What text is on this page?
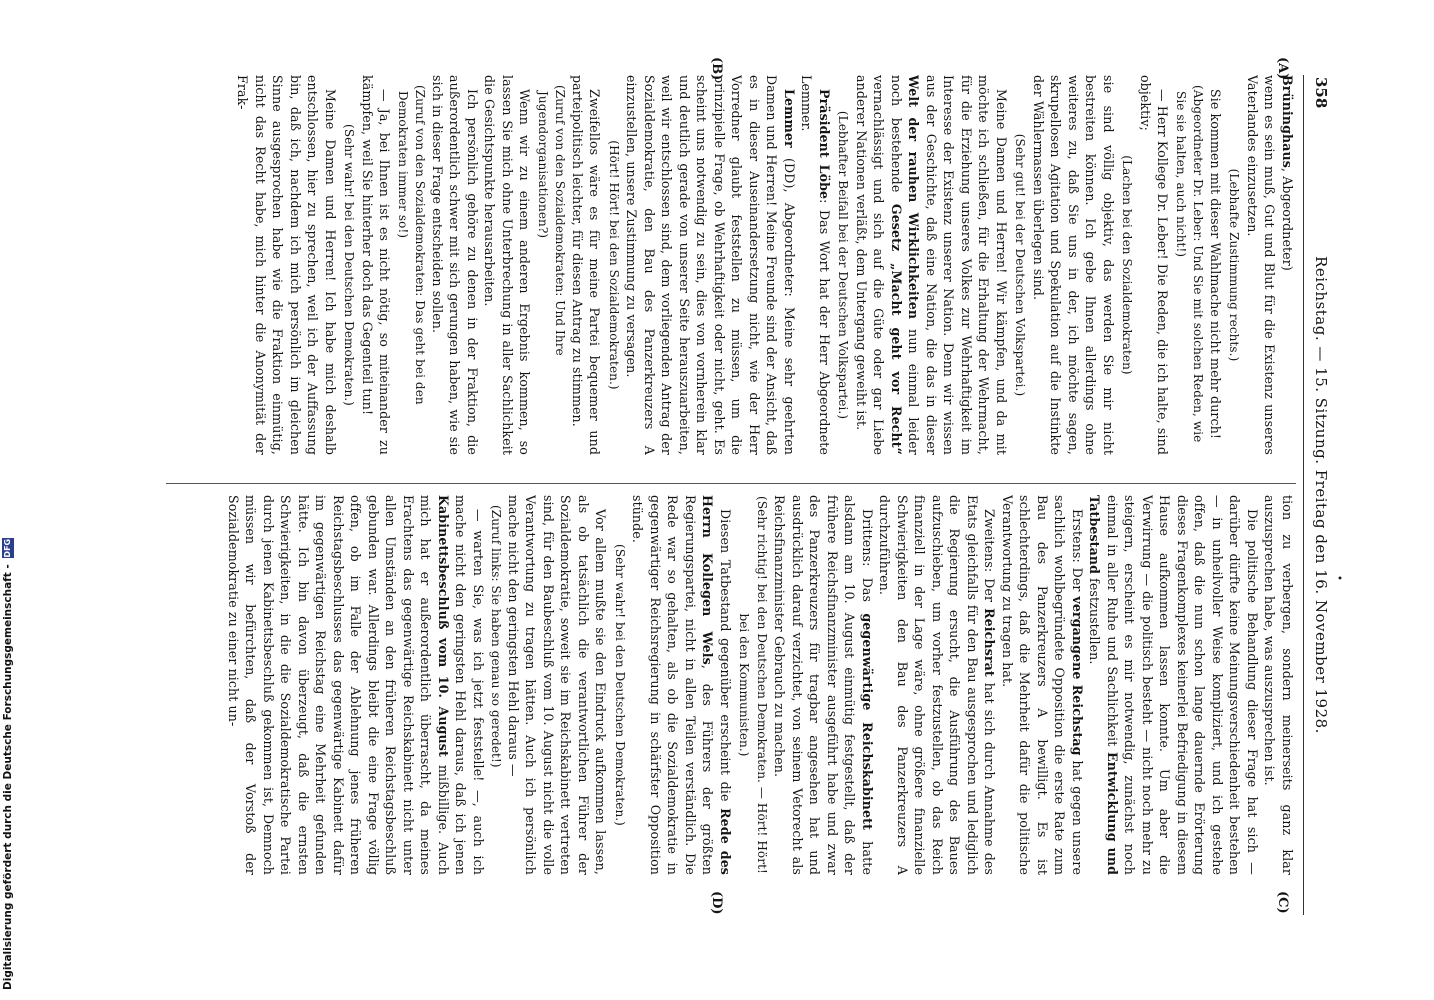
358
Reichstag. — 15. Sitzung. Freitag den 16. November 1928. •
(A)
(B)
(C)
(D)

Brüninghaus, Abgeordneter)

wenn es sein muß, Gut und Blut für die Existenz unseres Vaterlandes einzusetzen.

(Lebhafte Zustimmung rechts.)

Sie kommen mit dieser Wahlmache nicht mehr durch!

(Abgeordneter Dr. Leber: Und Sie mit solchen Reden, wie Sie sie halten, auch nicht!)

— Herr Kollege Dr. Leber! Die Reden, die ich halte, sind objektiv;

(Lachen bei den Sozialdemokraten)

sie sind völlig objektiv, das werden Sie mir nicht bestreiten können. Ich gebe Ihnen allerdings ohne weiteres zu, daß Sie uns in der, ich möchte sagen, skrupellosen Agitation und Spekulation auf die Instinkte der Wählermassen überlegen sind.

(Sehr gut! bei der Deutschen Volkspartei.)

Meine Damen und Herren! Wir kämpfen, und da mit möchte ich schließen, für die Erhaltung der Wehrmacht, für die Erziehung unseres Volkes zur Wehrhaftigkeit im Interesse der Existenz unserer Nation. Denn wir wissen aus der Geschichte, daß eine Nation, die das in dieser Welt der rauhen Wirklichkeiten nun einmal leider noch bestehende Gesetz „Macht geht vor Recht“ vernachlässigt und sich auf die Güte oder gar Liebe anderer Nationen verläßt, dem Untergang geweiht ist.

(Lebhafter Beifall bei der Deutschen Volkspartei.)

Präsident Löbe: Das Wort hat der Herr Abgeordnete Lemmer.

Lemmer (DD), Abgeordneter: Meine sehr geehrten Damen und Herren! Meine Freunde sind der Ansicht, daß es in dieser Auseinandersetzung nicht, wie der Herr Vorredner glaubt feststellen zu müssen, um die prinzipielle Frage, ob Wehrhaftigkeit oder nicht, geht. Es scheint uns notwendig zu sein, dies von vornherein klar und deutlich gerade von unserer Seite herauszuarbeiten, weil wir entschlossen sind, dem vorliegenden Antrag der Sozialdemokratie, den Bau des Panzerkreuzers A einzustellen, unsere Zustimmung zu versagen.

(Hört! Hört! bei den Sozialdemokraten.)

Zweifellos wäre es für meine Partei bequemer und parteipolitisch leichter, für diesen Antrag zu stimmen.

(Zuruf von den Sozialdemokraten: Und Ihre Jugendorganisationen?)

Wenn wir zu einem anderen Ergebnis kommen, so lassen Sie mich ohne Unterbrechung in aller Sachlichkeit die Gesichtspunkte herausarbeiten.

Ich persönlich gehöre zu denen in der Fraktion, die außerordentlich schwer mit sich gerungen haben, wie sie sich in dieser Frage entscheiden sollen.

(Zuruf von den Sozialdemokraten: Das geht bei den Demokraten immer so!)

— Ja, bei Ihnen ist es nicht nötig, so miteinander zu kämpfen, weil Sie hinterher doch das Gegenteil tun!

(Sehr wahr! bei den Deutschen Demokraten.)

Meine Damen und Herren! Ich habe mich deshalb entschlossen, hier zu sprechen, weil ich der Auffassung bin, daß ich, nachdem ich mich persönlich im gleichen Sinne ausgesprochen habe wie die Fraktion einmütig, nicht das Recht habe, mich hinter die Anonymität der Frak-

tion zu verbergen, sondern meinerseits ganz klar auszusprechen habe, was auszusprechen ist.

Die politische Behandlung dieser Frage hat sich — darüber dürfte keine Meinungsverschiedenheit bestehen — in unheilvoller Weise kompliziert, und ich gestehe offen, daß die nun schon lange dauernde Erörterung dieses Fragenkomplexes keinerlei Befriedigung in diesem Hause aufkommen lassen konnte. Um aber die Verwirrung — die politisch besteht — nicht noch mehr zu steigern, erscheint es mir notwendig, zunächst noch einmal in aller Ruhe und Sachlichkeit Entwicklung und Tatbestand festzustellen.

Erstens: Der vergangene Reichstag hat gegen unsere sachlich wohlbegründete Opposition die erste Rate zum Bau des Panzerkreuzers A bewilligt. Es ist schlechterdings, daß die Mehrheit dafür die politische Verantwortung zu tragen hat.

Zweitens: Der Reichsrat hat sich durch Annahme des Etats gleichfalls für den Bau ausgesprochen und lediglich die Regierung ersucht, die Ausführung des Baues aufzuschieben, um vorher festzustellen, ob das Reich finanziell in der Lage wäre, ohne größere finanzielle Schwierigkeiten den Bau des Panzerkreuzers A durchzuführen.

Drittens: Das gegenwärtige Reichskabinett hatte alsdann am 10. August einmütig festgestellt, daß der frühere Reichsfinanzminister ausgeführt habe und zwar des Panzerkreuzers für tragbar angesehen hat und ausdrücklich darauf verzichtet, von seinem Vetorecht als Reichsfinanzminister Gebrauch zu machen.

(Sehr richtig! bei den Deutschen Demokraten. — Hört! Hört! bei den Kommunisten.)

Diesen Tatbestand gegenüber erscheint die Rede des Herrn Kollegen Wels, des Führers der größten Regierungspartei, nicht in allen Teilen verständlich. Die Rede war so gehalten, als ob die Sozialdemokratie in gegenwärtiger Reichsregierung in schärfster Opposition stünde.

(Sehr wahr! bei den Deutschen Demokraten.)

Vor allem mußte sie den Eindruck aufkommen lassen, als ob tatsächlich die verantwortlichen Führer der Sozialdemokratie, soweit sie im Reichskabinett vertreten sind, für den Baubeschluß vom 10. August nicht die volle Verantwortung zu tragen hätten. Auch ich persönlich mache nicht den geringsten Hehl daraus —

(Zuruf links: Sie haben genau so geredet!)

— warten Sie, was ich jetzt feststelle! —, auch ich mache nicht den geringsten Hehl daraus, daß ich jenen Kabinettsbeschluß vom 10. August mißbillige. Auch mich hat er außerordentlich überrascht, da meines Erachtens das gegenwärtige Reichskabinett nicht unter allen Umständen an den früheren Reichstagsbeschluß gebunden war. Allerdings bleibt die eine Frage völlig offen, ob im Falle der Ablehnung jenes früheren Reichstagsbeschlusses das gegenwärtige Kabinett dafür im gegenwärtigen Reichstag eine Mehrheit gefunden hätte. Ich bin davon überzeugt, daß die ernsten Schwierigkeiten, in die die Sozialdemokratische Partei durch jenen Kabinettsbeschluß gekommen ist, Demnoch müssen wir befürchten, daß der Vorstoß der Sozialdemokratie zu einer nicht un-

Digitalisierung gefördert durch die Deutsche Forschungsgemeinschaft -
DFG
